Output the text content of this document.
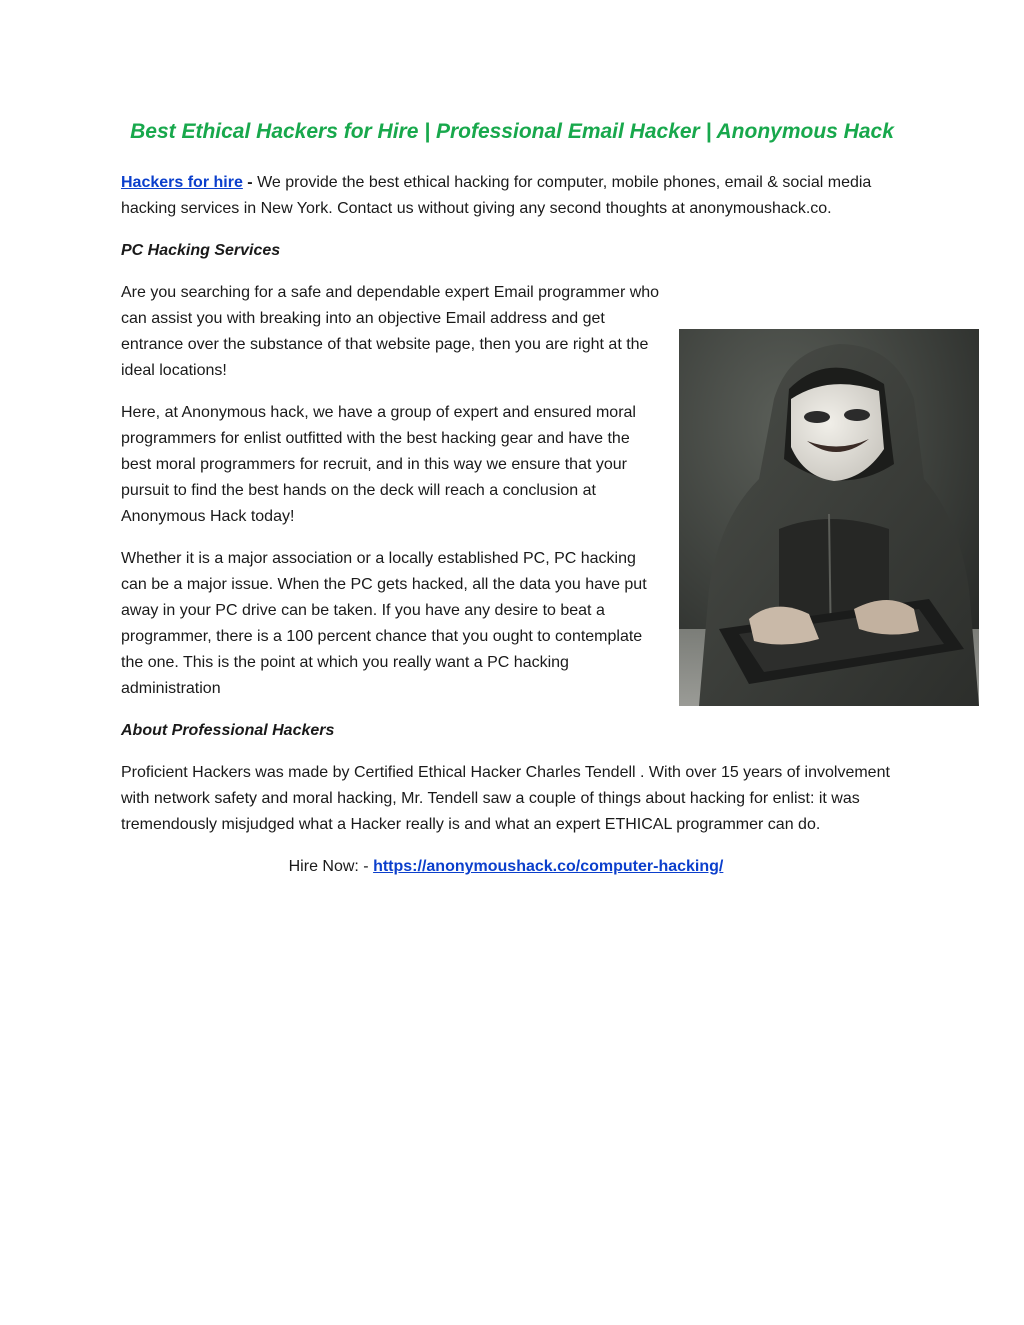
Best Ethical Hackers for Hire | Professional Email Hacker | Anonymous Hack

Hackers for hire - We provide the best ethical hacking for computer, mobile phones, email & social media hacking services in New York. Contact us without giving any second thoughts at anonymoushack.co.

PC Hacking Services

Are you searching for a safe and dependable expert Email programmer who can assist you with breaking into an objective Email address and get entrance over the substance of that website page, then you are right at the ideal locations!

Here, at Anonymous hack, we have a group of expert and ensured moral programmers for enlist outfitted with the best hacking gear and have the best moral programmers for recruit, and in this way we ensure that your pursuit to find the best hands on the deck will reach a conclusion at Anonymous Hack today!

Whether it is a major association or a locally established PC, PC hacking can be a major issue. When the PC gets hacked, all the data you have put away in your PC drive can be taken. If you have any desire to beat a programmer, there is a 100 percent chance that you ought to contemplate the one. This is the point at which you really want a PC hacking administration

About Professional Hackers

Proficient Hackers was made by Certified Ethical Hacker Charles Tendell . With over 15 years of involvement with network safety and moral hacking, Mr. Tendell saw a couple of things about hacking for enlist: it was tremendously misjudged what a Hacker really is and what an expert ETHICAL programmer can do.

Hire Now: - https://anonymoushack.co/computer-hacking/
